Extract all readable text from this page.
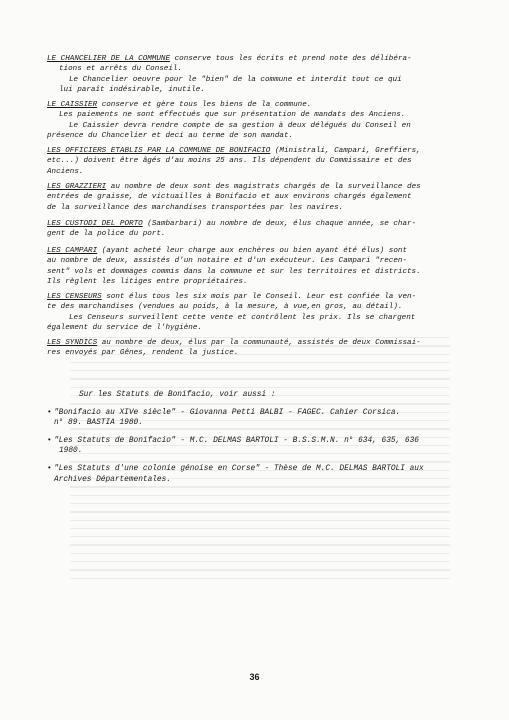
LE CHANCELIER DE LA COMMUNE conserve tous les écrits et prend note des délibéra-
tions et arrêts du Conseil.
Le Chancelier oeuvre pour le "bien" de la commune et interdit tout ce qui
lui paraît indésirable, inutile.
LE CAISSIER conserve et gère tous les biens de la commune.
Les paiements ne sont effectués que sur présentation de mandats des Anciens.
Le Caissier devra rendre compte de sa gestion à deux délégués du Conseil en
présence du Chancelier et deci au terme de son mandat.
LES OFFICIERS ETABLIS PAR LA COMMUNE DE BONIFACIO (Ministrali, Campari, Greffiers,
etc...) doivent être âgés d'au moins 25 ans. Ils dépendent du Commissaire et des
Anciens.
LES GRAZZIERI au nombre de deux sont des magistrats chargés de la surveillance des
entrées de graisse, de victuailles à Bonifacio et aux environs chargés également
de la surveillance des marchandises transportées par les navires.
LES CUSTODI DEL PORTO (Sambarbari) au nombre de deux, élus chaque année, se char-
gent de la police du port.
LES CAMPARI (ayant acheté leur charge aux enchères ou bien ayant été élus) sont
au nombre de deux, assistés d'un notaire et d'un exécuteur. Les Campari "recen-
sent" vols et dommages commis dans la commune et sur les territoires et districts.
Ils règlent les litiges entre propriétaires.
LES CENSEURS sont élus tous les six mois par le Conseil. Leur est confiée la ven-
te des marchandises (vendues au poids, à la mesure, à vue,en gros, au détail).
Les Censeurs surveillent cette vente et contrôlent les prix. Ils se chargent
également du service de l'hygiène.
LES SYNDICS au nombre de deux, élus par la communauté, assistés de deux Commissai-
res envoyés par Gênes, rendent la justice.
Sur les Statuts de Bonifacio, voir aussi :
• "Bonifacio au XIVe siècle" - Giovanna Petti BALBI - FAGEC. Cahier Corsica.
n° 89. BASTIA 1980.
• "Les Statuts de Bonifacio" - M.C. DELMAS BARTOLI - B.S.S.M.N. n° 634, 635, 636
1980.
• "Les Statuts d'une colonie génoise en Corse" - Thèse de M.C. DELMAS BARTOLI aux
Archives Départementales.
36
